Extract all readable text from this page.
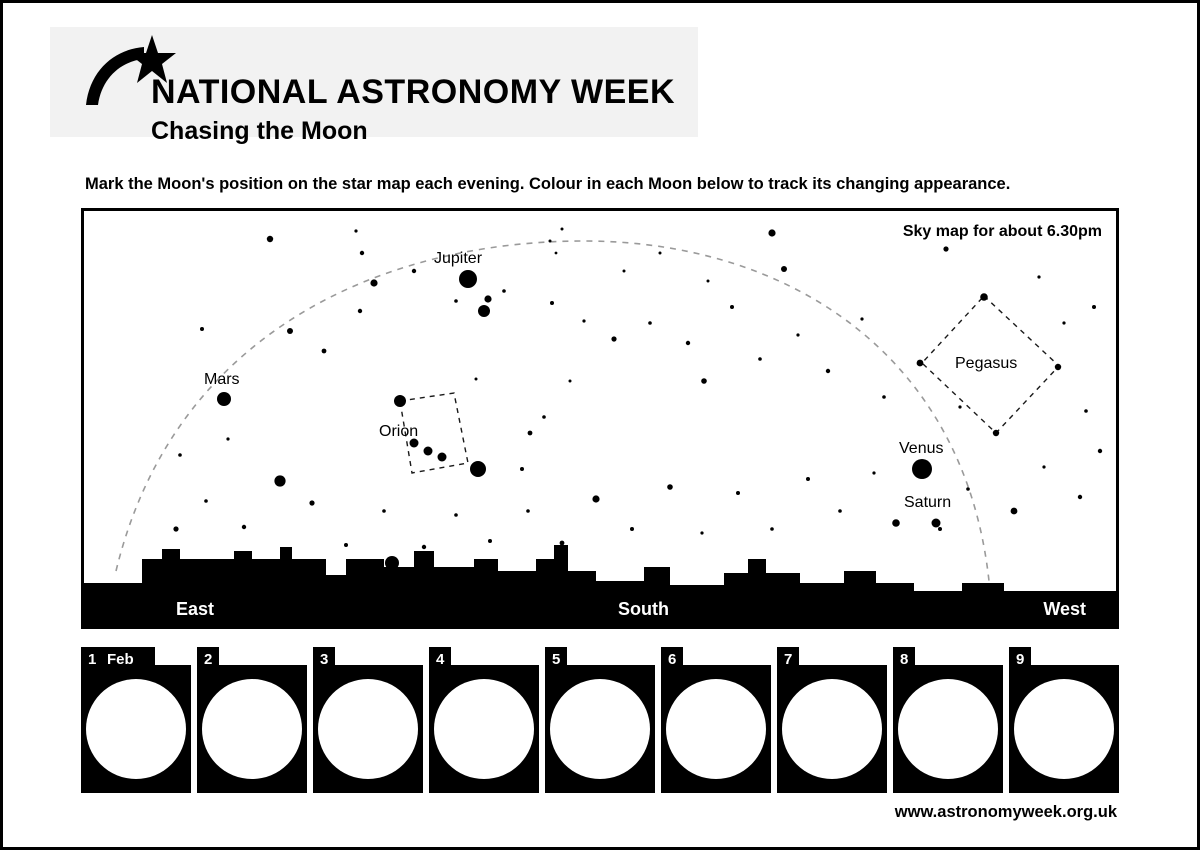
NATIONAL ASTRONOMY WEEK
Chasing the Moon
Mark the Moon's position on the star map each evening. Colour in each Moon below to track its changing appearance.
Jupiter
Mars
Orion
Pegasus
Venus
Saturn
Sky map for about 6.30pm
East	South	West
1 Feb	2	3	4	5	6	7	8	9
www.astronomyweek.org.uk
